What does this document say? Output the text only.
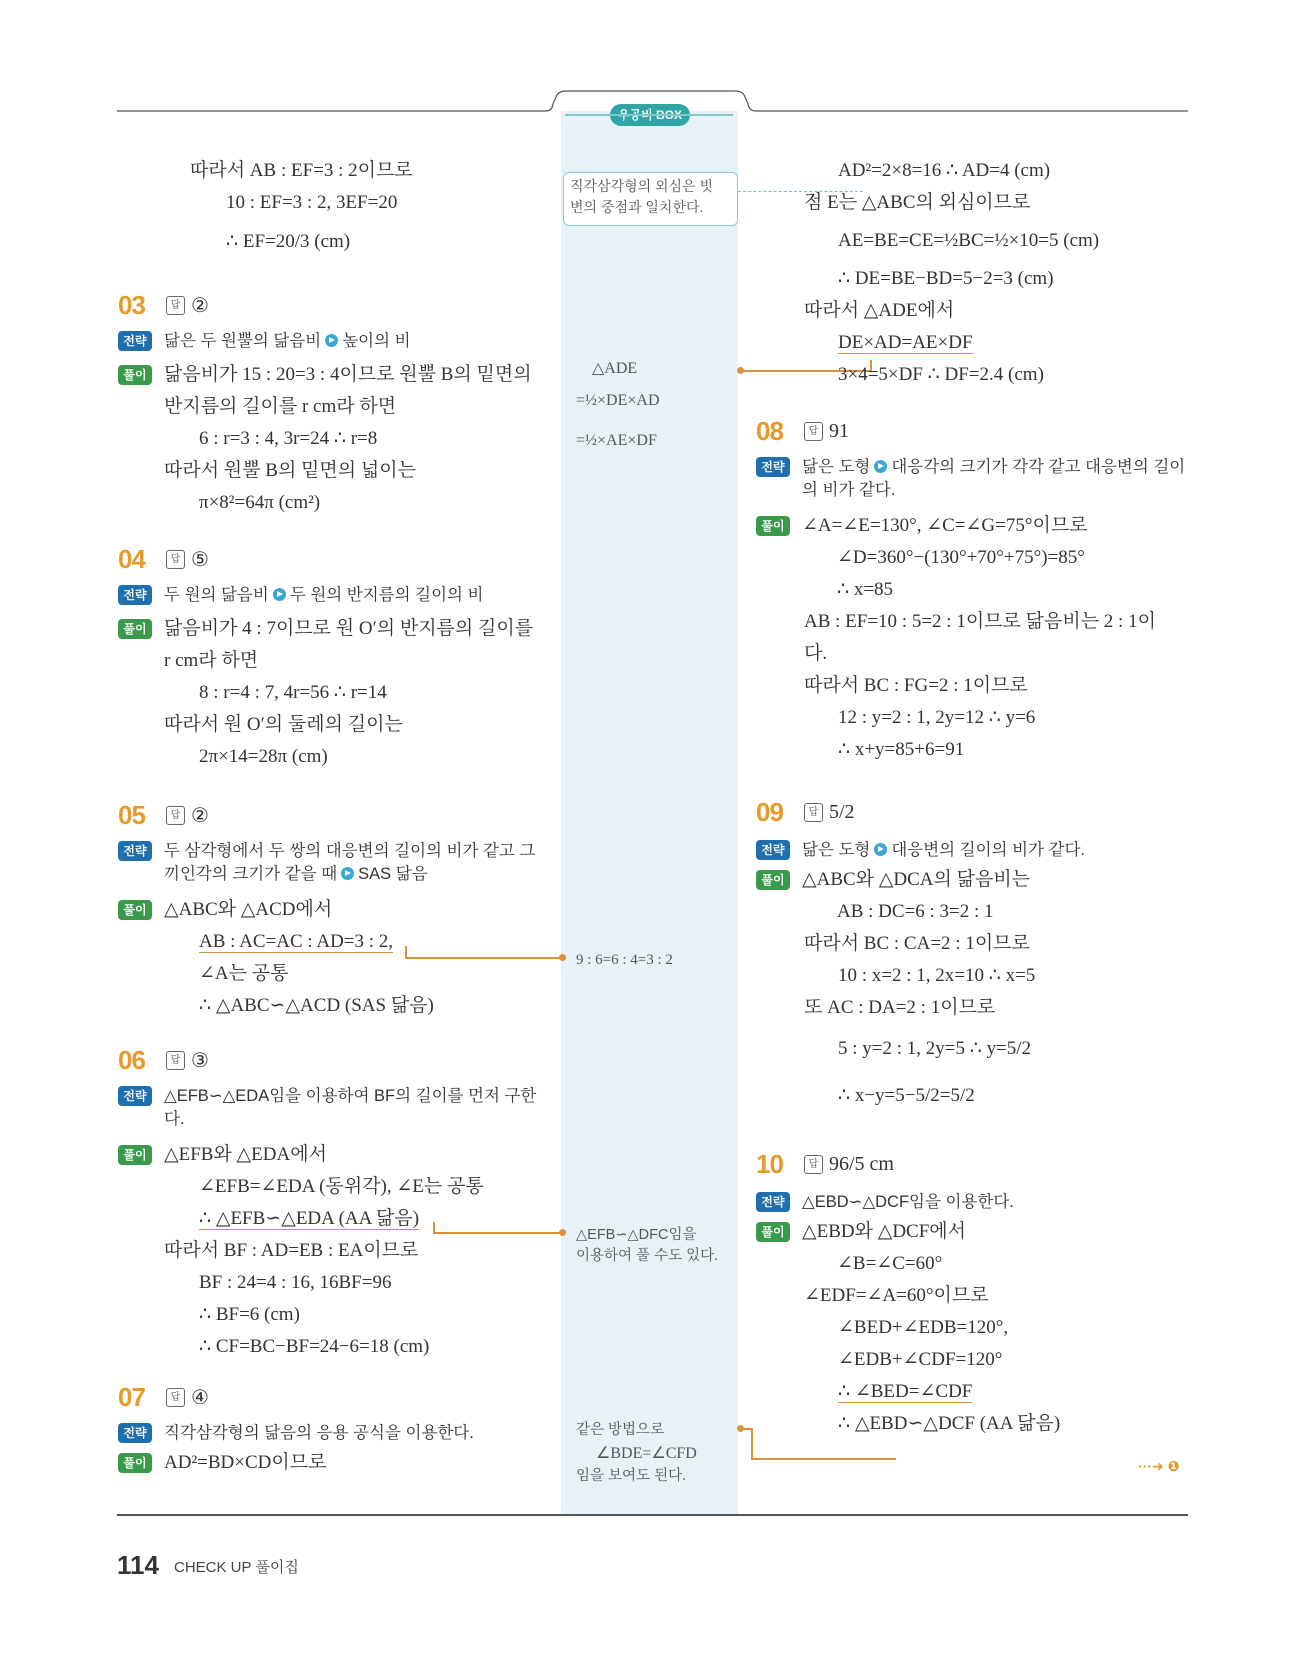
직각삼각형의 외심은 빗
변의 중점과 일치한다.
△ADE
=½×DE×AD
=½×AE×DF
9 : 6=6 : 4=3 : 2
△EFB∽△DFC임을
이용하여 풀 수도 있다.
같은 방법으로
∠BDE=∠CFD
임을 보여도 된다.
따라서 AB : EF=3 : 2이므로
10 : EF=3 : 2, 3EF=20
∴ EF=20/3 (cm)
03	답 ②
전략	닮은 두 원뿔의 닮음비 높이의 비
풀이 닮음비가 15 : 20=3 : 4이므로 원뿔 B의 밑면의
반지름의 길이를 r cm라 하면
6 : r=3 : 4, 3r=24 ∴ r=8
따라서 원뿔 B의 밑면의 넓이는
π×8²=64π (cm²)
04	답 ⑤
전략	두 원의 닮음비 두 원의 반지름의 길이의 비
풀이 닮음비가 4 : 7이므로 원 O′의 반지름의 길이를
r cm라 하면
8 : r=4 : 7, 4r=56 ∴ r=14
따라서 원 O′의 둘레의 길이는
2π×14=28π (cm)
05	답 ②
전략	두 삼각형에서 두 쌍의 대응변의 길이의 비가 같고 그 끼인각의 크기가 같을 때 SAS 닮음
풀이 △ABC와 △ACD에서
AB : AC=AC : AD=3 : 2,
∠A는 공통
∴ △ABC∽△ACD (SAS 닮음)
06	답 ③
전략	△EFB∽△EDA임을 이용하여 BF의 길이를 먼저 구한다.
풀이 △EFB와 △EDA에서
∠EFB=∠EDA (동위각), ∠E는 공통
∴ △EFB∽△EDA (AA 닮음)
따라서 BF : AD=EB : EA이므로
BF : 24=4 : 16, 16BF=96
∴ BF=6 (cm)
∴ CF=BC−BF=24−6=18 (cm)
07	답 ④
전략	직각삼각형의 닮음의 응용 공식을 이용한다.
풀이 AD²=BD×CD이므로
AD²=2×8=16 ∴ AD=4 (cm)
점 E는 △ABC의 외심이므로
AE=BE=CE=½BC=½×10=5 (cm)
∴ DE=BE−BD=5−2=3 (cm)
따라서 △ADE에서
DE×AD=AE×DF
3×4=5×DF ∴ DF=2.4 (cm)
08	답 91
전략	닮은 도형 대응각의 크기가 각각 같고 대응변의 길이의 비가 같다.
풀이 ∠A=∠E=130°, ∠C=∠G=75°이므로
∠D=360°−(130°+70°+75°)=85°
∴ x=85
AB : EF=10 : 5=2 : 1이므로 닮음비는 2 : 1이
다.
따라서 BC : FG=2 : 1이므로
12 : y=2 : 1, 2y=12 ∴ y=6
∴ x+y=85+6=91
09	답 5/2
전략	닮은 도형 대응변의 길이의 비가 같다.
풀이 △ABC와 △DCA의 닮음비는
AB : DC=6 : 3=2 : 1
따라서 BC : CA=2 : 1이므로
10 : x=2 : 1, 2x=10 ∴ x=5
또 AC : DA=2 : 1이므로
5 : y=2 : 1, 2y=5 ∴ y=5/2
∴ x−y=5−5/2=5/2
10	답 96/5 cm
전략	△EBD∽△DCF임을 이용한다.
풀이 △EBD와 △DCF에서
∠B=∠C=60°
∠EDF=∠A=60°이므로
∠BED+∠EDB=120°,
∠EDB+∠CDF=120°
∴ ∠BED=∠CDF
∴ △EBD∽△DCF (AA 닮음)
···➜ ❶
114 CHECK UP 풀이집
